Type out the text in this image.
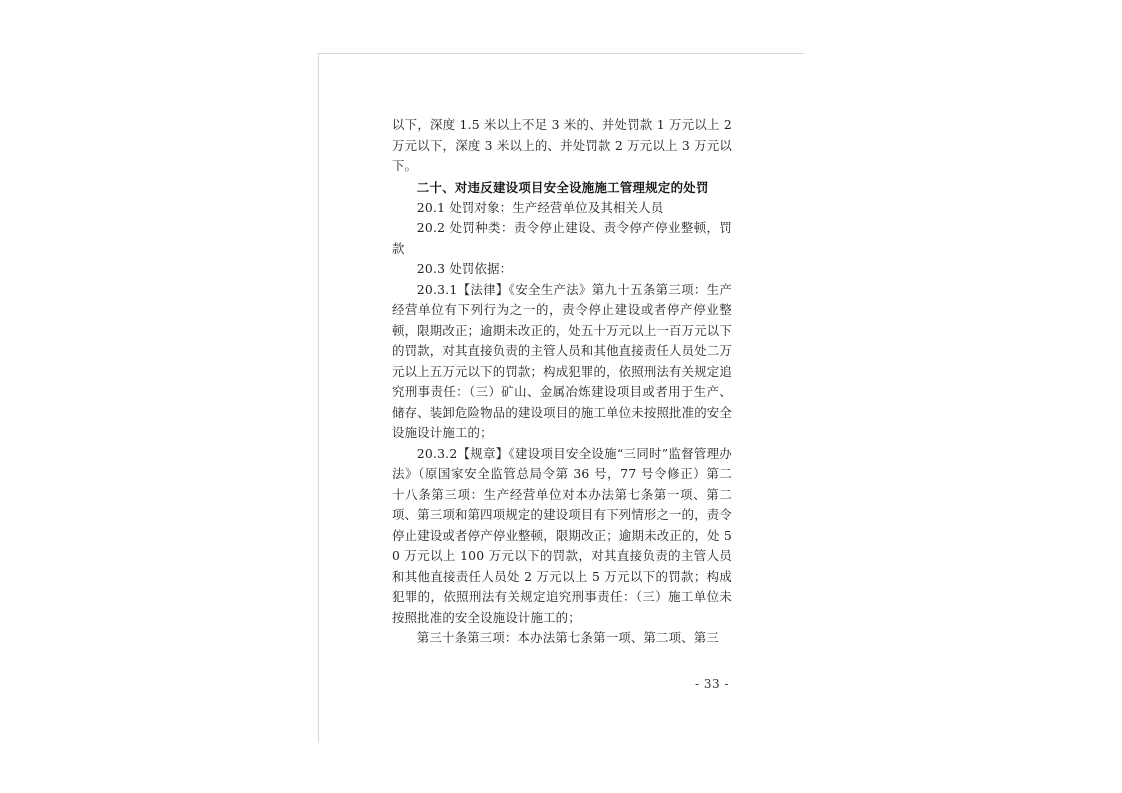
以下，深度 1.5 米以上不足 3 米的、并处罚款 1 万元以上 2 万元以下，深度 3 米以上的、并处罚款 2 万元以上 3 万元以下。

二十、对违反建设项目安全设施施工管理规定的处罚

20.1 处罚对象：生产经营单位及其相关人员

20.2 处罚种类：责令停止建设、责令停产停业整顿，罚款

20.3 处罚依据：

20.3.1【法律】《安全生产法》第九十五条第三项：生产经营单位有下列行为之一的，责令停止建设或者停产停业整顿，限期改正；逾期未改正的，处五十万元以上一百万元以下的罚款，对其直接负责的主管人员和其他直接责任人员处二万元以上五万元以下的罚款；构成犯罪的，依照刑法有关规定追究刑事责任：（三）矿山、金属冶炼建设项目或者用于生产、储存、装卸危险物品的建设项目的施工单位未按照批准的安全设施设计施工的；

20.3.2【规章】《建设项目安全设施“三同时”监督管理办法》（原国家安全监管总局令第 36 号，77 号令修正）第二十八条第三项：生产经营单位对本办法第七条第一项、第二项、第三项和第四项规定的建设项目有下列情形之一的，责令停止建设或者停产停业整顿，限期改正；逾期未改正的，处 50 万元以上 100 万元以下的罚款，对其直接负责的主管人员和其他直接责任人员处 2 万元以上 5 万元以下的罚款；构成犯罪的，依照刑法有关规定追究刑事责任：（三）施工单位未按照批准的安全设施设计施工的；

第三十条第三项：本办法第七条第一项、第二项、第三

- 33 -
